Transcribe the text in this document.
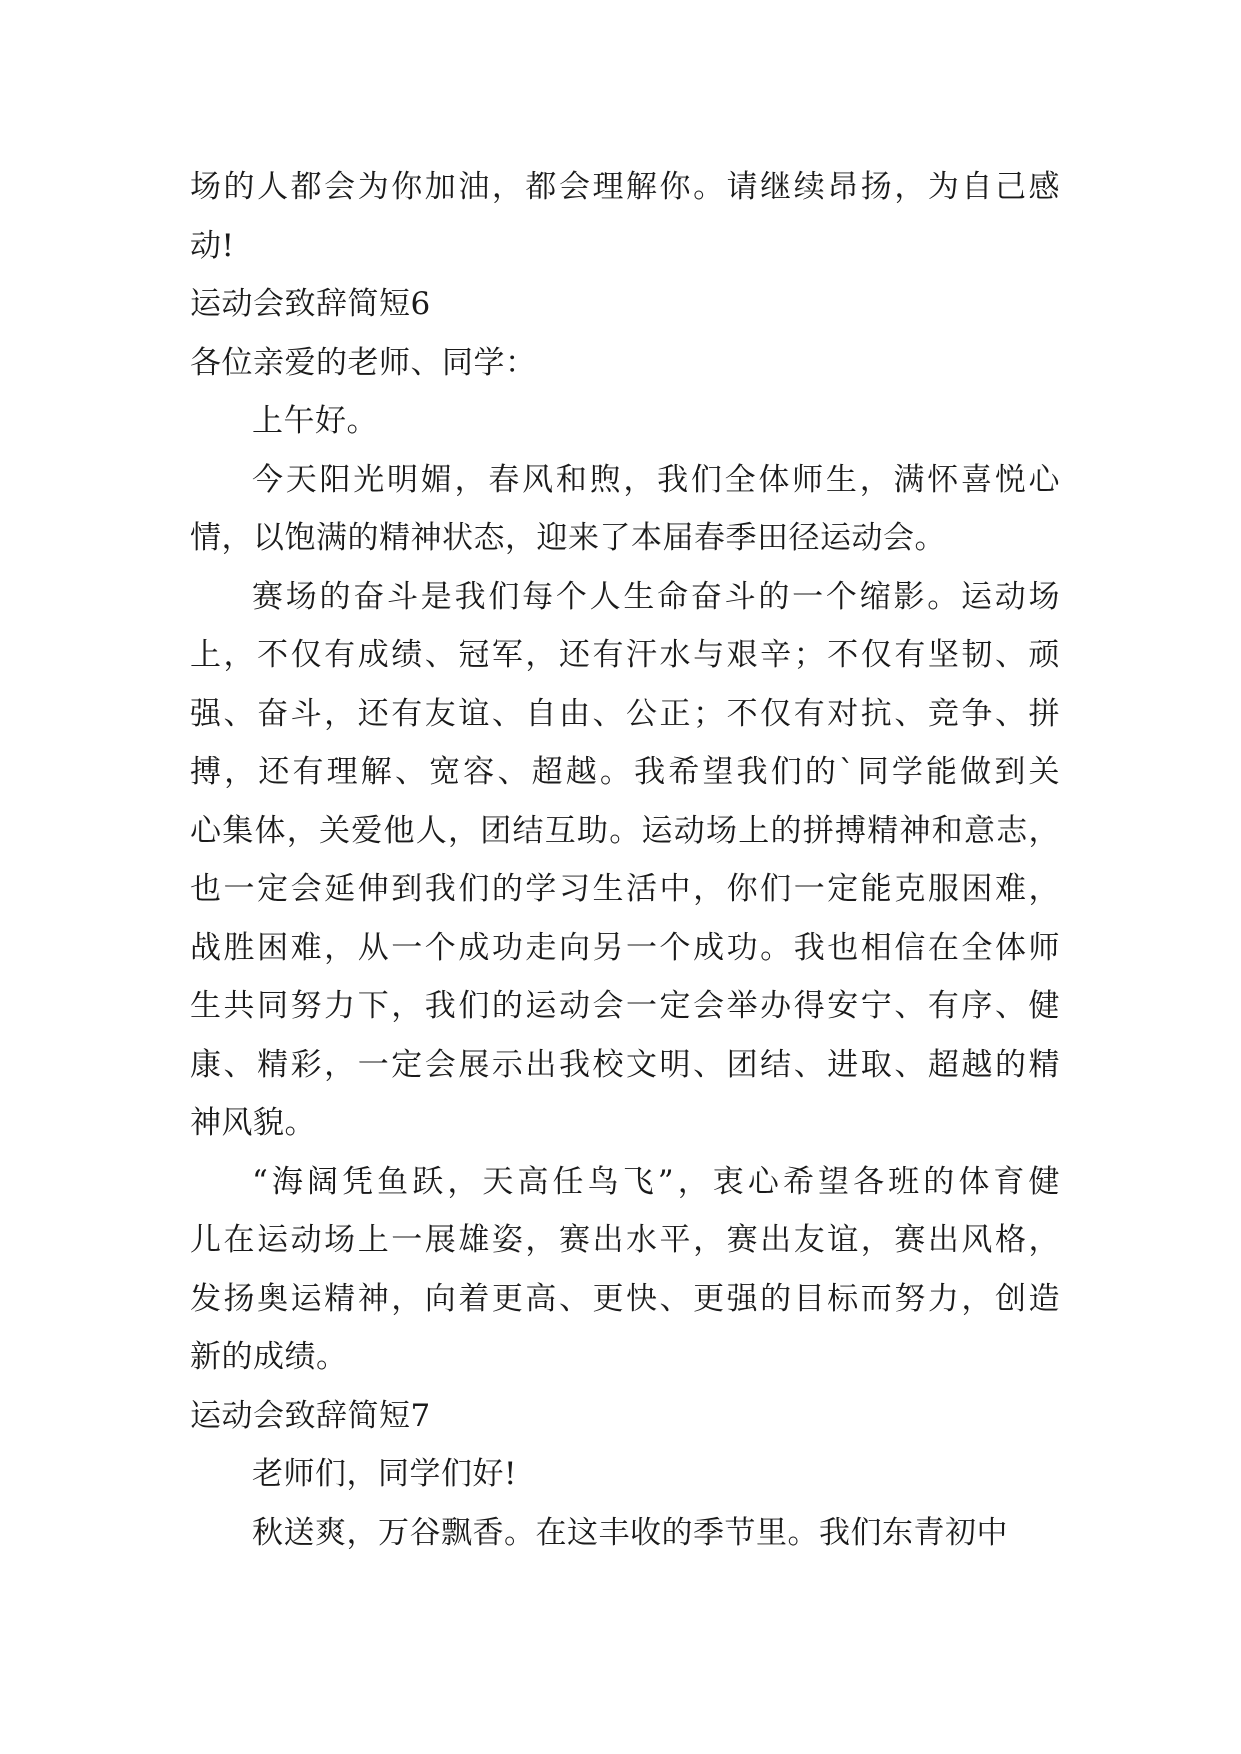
场的人都会为你加油，都会理解你。请继续昂扬，为自己感
动!

运动会致辞简短6

各位亲爱的老师、同学：

上午好。

今天阳光明媚，春风和煦，我们全体师生，满怀喜悦心
情，以饱满的精神状态，迎来了本届春季田径运动会。

赛场的奋斗是我们每个人生命奋斗的一个缩影。运动场
上，不仅有成绩、冠军，还有汗水与艰辛；不仅有坚韧、顽
强、奋斗，还有友谊、自由、公正；不仅有对抗、竞争、拼
搏，还有理解、宽容、超越。我希望我们的`同学能做到关
心集体，关爱他人，团结互助。运动场上的拼搏精神和意志，
也一定会延伸到我们的学习生活中，你们一定能克服困难，
战胜困难，从一个成功走向另一个成功。我也相信在全体师
生共同努力下，我们的运动会一定会举办得安宁、有序、健
康、精彩，一定会展示出我校文明、团结、进取、超越的精
神风貌。

“海阔凭鱼跃，天高任鸟飞”，衷心希望各班的体育健
儿在运动场上一展雄姿，赛出水平，赛出友谊，赛出风格，
发扬奥运精神，向着更高、更快、更强的目标而努力，创造
新的成绩。

运动会致辞简短7

老师们，同学们好!

秋送爽，万谷飘香。在这丰收的季节里。我们东青初中
